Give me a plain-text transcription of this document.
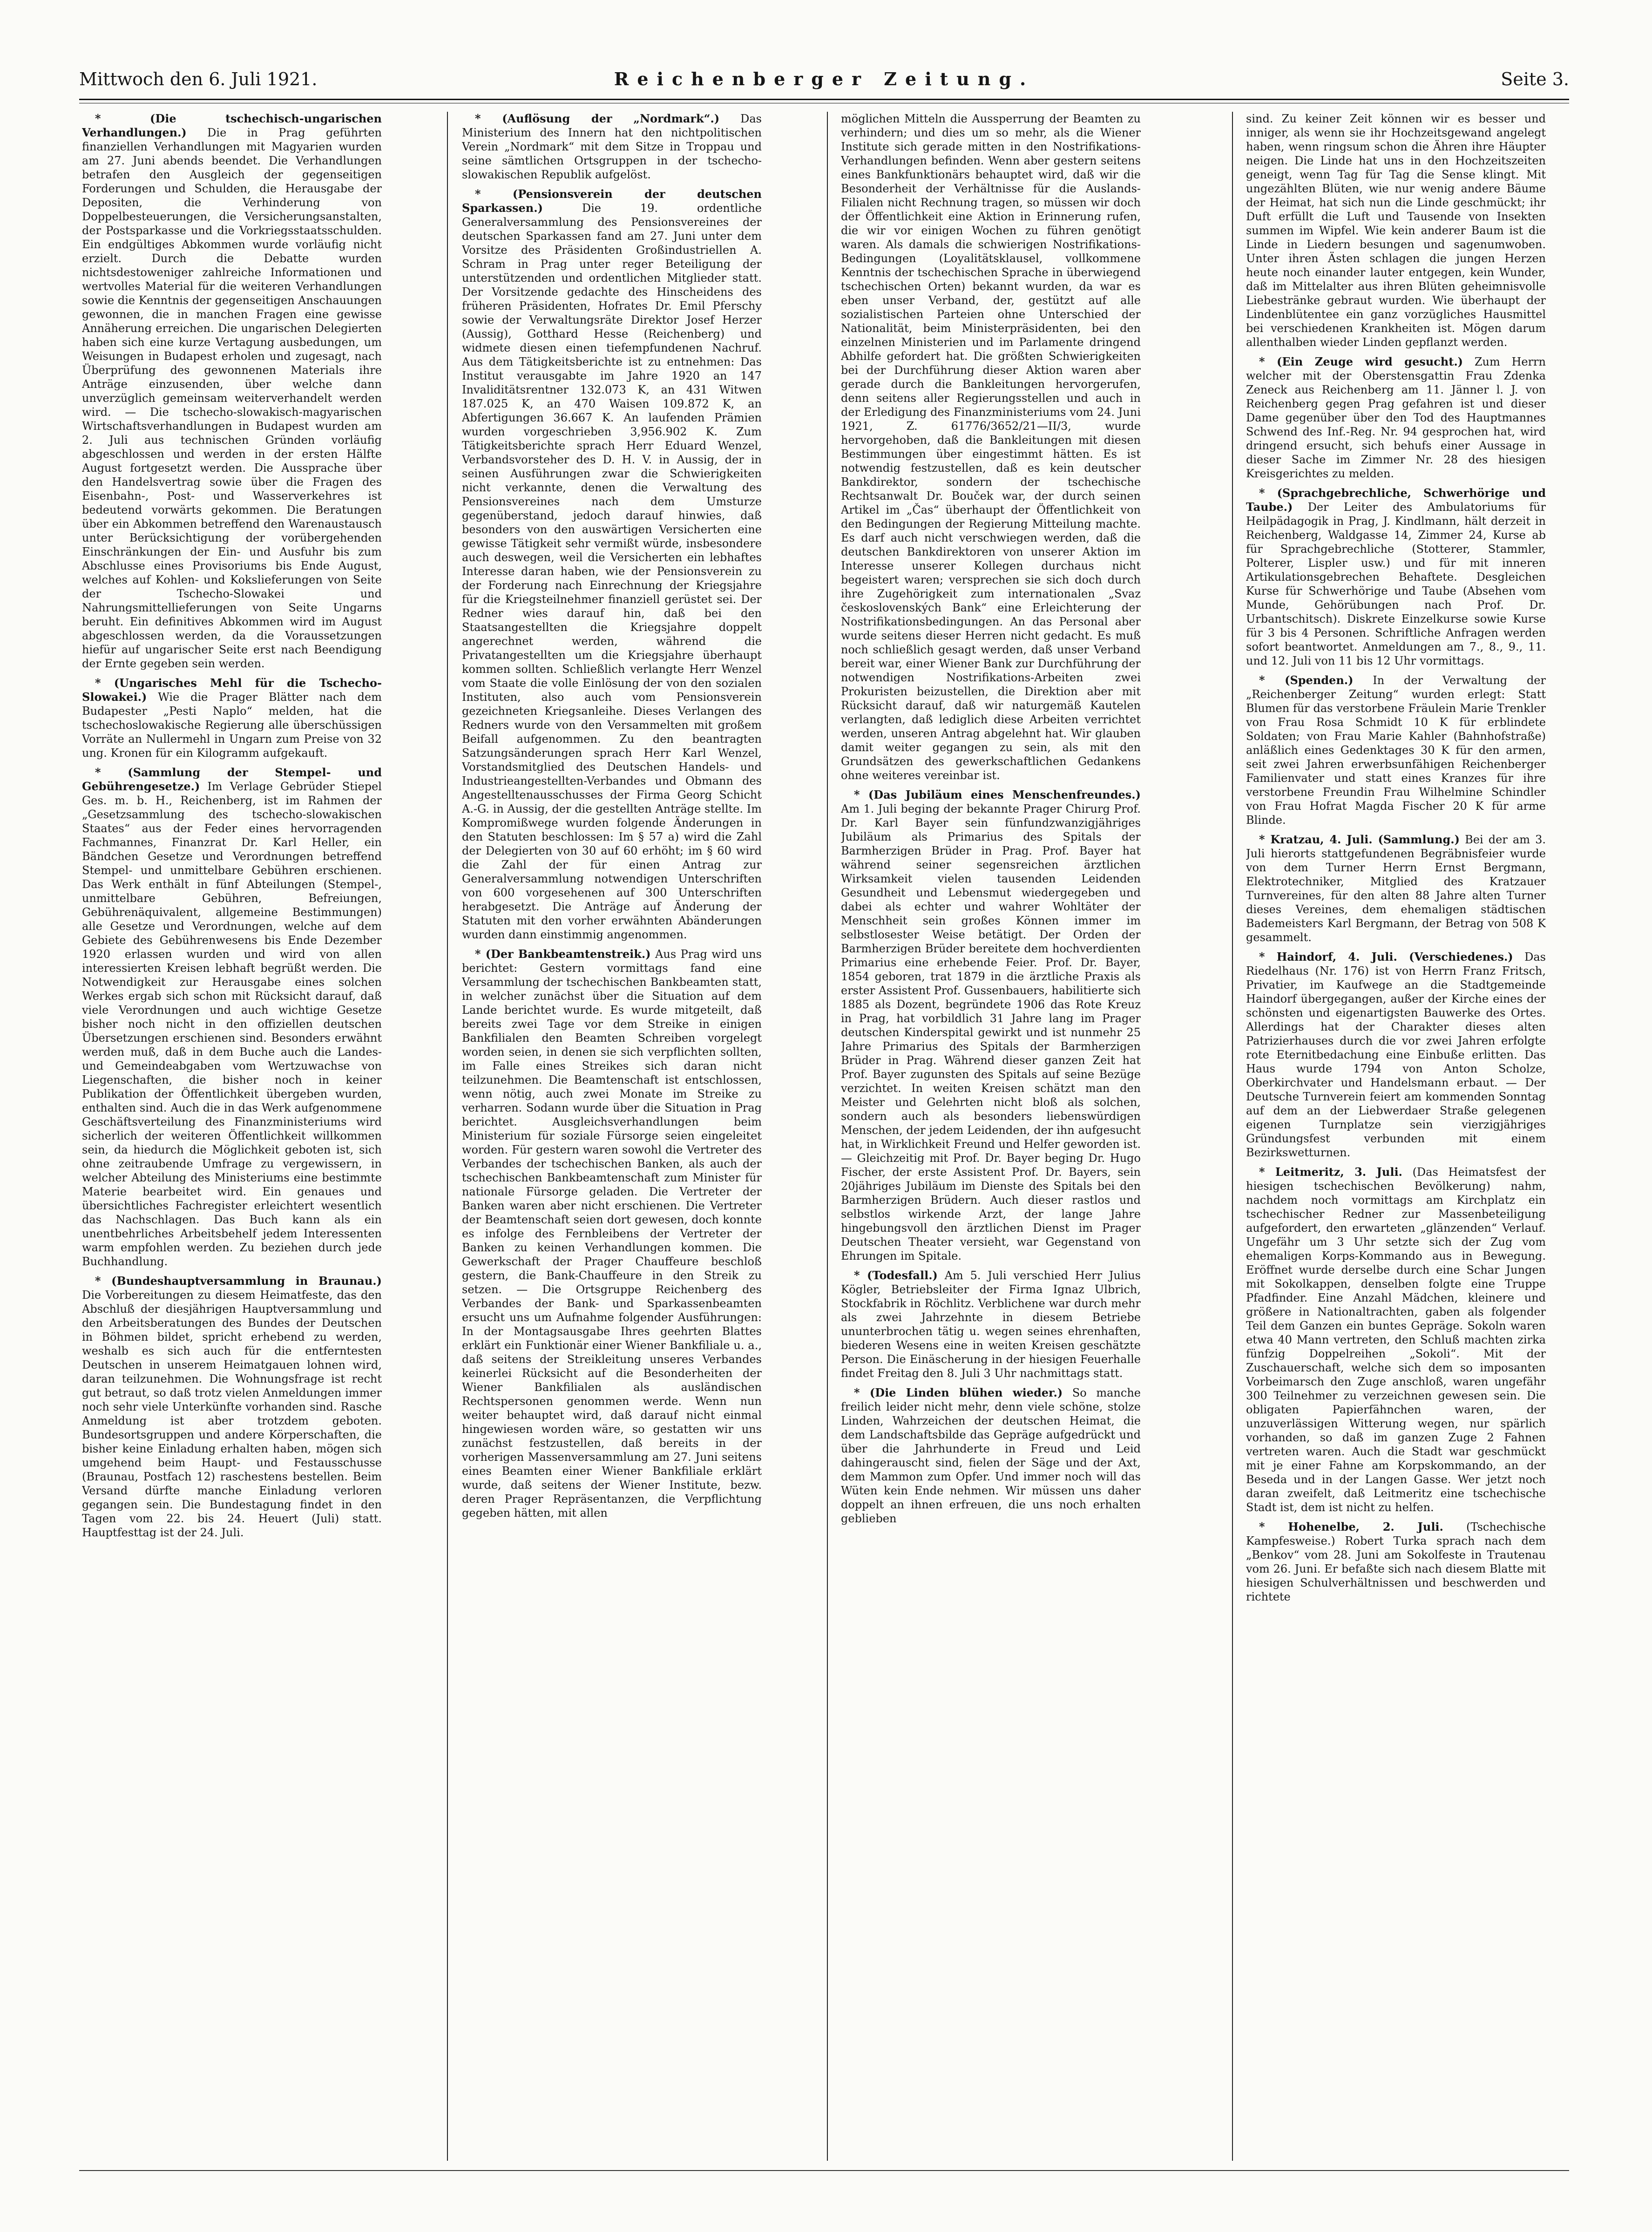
Mittwoch den 6. Juli 1921.	Reichenberger Zeitung.	Seite 3.

* (Die tschechisch-ungarischen Verhandlungen.) Die in Prag geführten finanziellen Verhandlungen mit Magyarien wurden am 27. Juni abends beendet. Die Verhandlungen betrafen den Ausgleich der gegenseitigen Forderungen und Schulden, die Herausgabe der Depositen, die Verhinderung von Doppelbesteuerungen, die Versicherungsanstalten, der Postsparkasse und die Vorkriegsstaatsschulden. Ein endgültiges Abkommen wurde vorläufig nicht erzielt. Durch die Debatte wurden nichtsdestoweniger zahlreiche Informationen und wertvolles Material für die weiteren Verhandlungen sowie die Kenntnis der gegenseitigen Anschauungen gewonnen, die in manchen Fragen eine gewisse Annäherung erreichen. Die ungarischen Delegierten haben sich eine kurze Vertagung ausbedungen, um Weisungen in Budapest erholen und zugesagt, nach Überprüfung des gewonnenen Materials ihre Anträge einzusenden, über welche dann unverzüglich gemeinsam weiterverhandelt werden wird. — Die tschecho-slowakisch-magyarischen Wirtschaftsverhandlungen in Budapest wurden am 2. Juli aus technischen Gründen vorläufig abgeschlossen und werden in der ersten Hälfte August fortgesetzt werden. Die Aussprache über den Handelsvertrag sowie über die Fragen des Eisenbahn-, Post- und Wasserverkehres ist bedeutend vorwärts gekommen. Die Beratungen über ein Abkommen betreffend den Warenaustausch unter Berücksichtigung der vorübergehenden Einschränkungen der Ein- und Ausfuhr bis zum Abschlusse eines Provisoriums bis Ende August, welches auf Kohlen- und Kokslieferungen von Seite der Tschecho-Slowakei und Nahrungsmittellieferungen von Seite Ungarns beruht. Ein definitives Abkommen wird im August abgeschlossen werden, da die Voraussetzungen hiefür auf ungarischer Seite erst nach Beendigung der Ernte gegeben sein werden.

* (Ungarisches Mehl für die Tschecho-Slowakei.) Wie die Prager Blätter nach dem Budapester „Pesti Naplo“ melden, hat die tschechoslowakische Regierung alle überschüssigen Vorräte an Nullermehl in Ungarn zum Preise von 32 ung. Kronen für ein Kilogramm aufgekauft.

* (Sammlung der Stempel- und Gebührengesetze.) Im Verlage Gebrüder Stiepel Ges. m. b. H., Reichenberg, ist im Rahmen der „Gesetzsammlung des tschecho-slowakischen Staates“ aus der Feder eines hervorragenden Fachmannes, Finanzrat Dr. Karl Heller, ein Bändchen Gesetze und Verordnungen betreffend Stempel- und unmittelbare Gebühren erschienen. Das Werk enthält in fünf Abteilungen (Stempel-, unmittelbare Gebühren, Befreiungen, Gebührenäquivalent, allgemeine Bestimmungen) alle Gesetze und Verordnungen, welche auf dem Gebiete des Gebührenwesens bis Ende Dezember 1920 erlassen wurden und wird von allen interessierten Kreisen lebhaft begrüßt werden. Die Notwendigkeit zur Herausgabe eines solchen Werkes ergab sich schon mit Rücksicht darauf, daß viele Verordnungen und auch wichtige Gesetze bisher noch nicht in den offiziellen deutschen Übersetzungen erschienen sind. Besonders erwähnt werden muß, daß in dem Buche auch die Landes- und Gemeindeabgaben vom Wertzuwachse von Liegenschaften, die bisher noch in keiner Publikation der Öffentlichkeit übergeben wurden, enthalten sind. Auch die in das Werk aufgenommene Geschäftsverteilung des Finanzministeriums wird sicherlich der weiteren Öffentlichkeit willkommen sein, da hiedurch die Möglichkeit geboten ist, sich ohne zeitraubende Umfrage zu vergewissern, in welcher Abteilung des Ministeriums eine bestimmte Materie bearbeitet wird. Ein genaues und übersichtliches Fachregister erleichtert wesentlich das Nachschlagen. Das Buch kann als ein unentbehrliches Arbeitsbehelf jedem Interessenten warm empfohlen werden. Zu beziehen durch jede Buchhandlung.

* (Bundeshauptversammlung in Braunau.) Die Vorbereitungen zu diesem Heimatfeste, das den Abschluß der diesjährigen Hauptversammlung und den Arbeitsberatungen des Bundes der Deutschen in Böhmen bildet, spricht erhebend zu werden, weshalb es sich auch für die entferntesten Deutschen in unserem Heimatgauen lohnen wird, daran teilzunehmen. Die Wohnungsfrage ist recht gut betraut, so daß trotz vielen Anmeldungen immer noch sehr viele Unterkünfte vorhanden sind. Rasche Anmeldung ist aber trotzdem geboten. Bundesortsgruppen und andere Körperschaften, die bisher keine Einladung erhalten haben, mögen sich umgehend beim Haupt- und Festausschusse (Braunau, Postfach 12) raschestens bestellen. Beim Versand dürfte manche Einladung verloren gegangen sein. Die Bundestagung findet in den Tagen vom 22. bis 24. Heuert (Juli) statt. Hauptfesttag ist der 24. Juli.

* (Auflösung der „Nordmark“.) Das Ministerium des Innern hat den nichtpolitischen Verein „Nordmark“ mit dem Sitze in Troppau und seine sämtlichen Ortsgruppen in der tschecho-slowakischen Republik aufgelöst.

* (Pensionsverein der deutschen Sparkassen.)	Die 19. ordentliche Generalversammlung des Pensionsvereines der deutschen Sparkassen fand am 27. Juni unter dem Vorsitze des Präsidenten Großindustriellen A. Schram in Prag unter reger Beteiligung der unterstützenden und ordentlichen Mitglieder statt. Der Vorsitzende gedachte des Hinscheidens des früheren Präsidenten, Hofrates Dr. Emil Pferschy sowie der Verwaltungsräte Direktor Josef Herzer (Aussig), Gotthard Hesse (Reichenberg) und widmete diesen einen tiefempfundenen Nachruf. Aus dem Tätigkeitsberichte ist zu entnehmen: Das Institut verausgabte im Jahre 1920 an 147 Invaliditätsrentner 132.073 K, an 431 Witwen 187.025 K, an 470 Waisen 109.872 K, an Abfertigungen 36.667 K. An laufenden Prämien wurden vorgeschrieben 3,956.902 K. Zum Tätigkeitsberichte sprach Herr Eduard Wenzel, Verbandsvorsteher des D. H. V. in Aussig, der in seinen Ausführungen zwar die Schwierigkeiten nicht verkannte, denen die Verwaltung des Pensionsvereines nach dem Umsturze gegenüberstand, jedoch darauf hinwies, daß besonders von den auswärtigen Versicherten eine gewisse Tätigkeit sehr vermißt würde, insbesondere auch deswegen, weil die Versicherten ein lebhaftes Interesse daran haben, wie der Pensionsverein zu der Forderung nach Einrechnung der Kriegsjahre für die Kriegsteilnehmer finanziell gerüstet sei. Der Redner wies darauf hin, daß bei den Staatsangestellten die Kriegsjahre doppelt angerechnet werden, während die Privatangestellten um die Kriegsjahre überhaupt kommen sollten. Schließlich verlangte Herr Wenzel vom Staate die volle Einlösung der von den sozialen Instituten, also auch vom Pensionsverein gezeichneten Kriegsanleihe. Dieses Verlangen des Redners wurde von den Versammelten mit großem Beifall aufgenommen. Zu den beantragten Satzungsänderungen sprach Herr Karl Wenzel, Vorstandsmitglied des Deutschen Handels- und Industrieangestellten-Verbandes und Obmann des Angestelltenausschusses der Firma Georg Schicht A.-G. in Aussig, der die gestellten Anträge stellte. Im Kompromißwege wurden folgende Änderungen in den Statuten beschlossen: Im § 57 a) wird die Zahl der Delegierten von 30 auf 60 erhöht; im § 60 wird die Zahl der für einen Antrag zur Generalversammlung notwendigen Unterschriften von 600 vorgesehenen auf 300 Unterschriften herabgesetzt. Die Anträge auf Änderung der Statuten mit den vorher erwähnten Abänderungen wurden dann einstimmig angenommen.

* (Der Bankbeamtenstreik.) Aus Prag wird uns berichtet: Gestern vormittags fand eine Versammlung der tschechischen Bankbeamten statt, in welcher zunächst über die Situation auf dem Lande berichtet wurde. Es wurde mitgeteilt, daß bereits zwei Tage vor dem Streike in einigen Bankfilialen den Beamten Schreiben vorgelegt worden seien, in denen sie sich verpflichten sollten, im Falle eines Streikes sich daran nicht teilzunehmen. Die Beamtenschaft ist entschlossen, wenn nötig, auch zwei Monate im Streike zu verharren. Sodann wurde über die Situation in Prag berichtet. Ausgleichsverhandlungen beim Ministerium für soziale Fürsorge seien eingeleitet worden. Für gestern waren sowohl die Vertreter des Verbandes der tschechischen Banken, als auch der tschechischen Bankbeamtenschaft zum Minister für nationale Fürsorge geladen. Die Vertreter der Banken waren aber nicht erschienen. Die Vertreter der Beamtenschaft seien dort gewesen, doch konnte es infolge des Fernbleibens der Vertreter der Banken zu keinen Verhandlungen kommen. Die Gewerkschaft der Prager Chauffeure beschloß gestern, die Bank-Chauffeure in den Streik zu setzen. — Die Ortsgruppe Reichenberg des Verbandes der Bank- und Sparkassenbeamten ersucht uns um Aufnahme folgender Ausführungen: In der Montagsausgabe Ihres geehrten Blattes erklärt ein Funktionär einer Wiener Bankfiliale u. a., daß seitens der Streikleitung unseres Verbandes keinerlei Rücksicht auf die Besonderheiten der Wiener Bankfilialen als ausländischen Rechtspersonen genommen werde. Wenn nun weiter behauptet wird, daß darauf nicht einmal hingewiesen worden wäre, so gestatten wir uns zunächst festzustellen, daß bereits in der vorherigen Massenversammlung am 27. Juni seitens eines Beamten einer Wiener Bankfiliale erklärt wurde, daß seitens der Wiener Institute, bezw. deren Prager Repräsentanzen, die Verpflichtung gegeben hätten, mit allen

möglichen Mitteln die Aussperrung der Beamten zu verhindern; und dies um so mehr, als die Wiener Institute sich gerade mitten in den Nostrifikations-Verhandlungen befinden. Wenn aber gestern seitens eines Bankfunktionärs behauptet wird, daß wir die Besonderheit der Verhältnisse für die Auslands-Filialen nicht Rechnung tragen, so müssen wir doch der Öffentlichkeit eine Aktion in Erinnerung rufen, die wir vor einigen Wochen zu führen genötigt waren. Als damals die schwierigen Nostrifikations-Bedingungen (Loyalitätsklausel, vollkommene Kenntnis der tschechischen Sprache in überwiegend tschechischen Orten) bekannt wurden, da war es eben unser Verband, der, gestützt auf alle sozialistischen Parteien ohne Unterschied der Nationalität, beim Ministerpräsidenten, bei den einzelnen Ministerien und im Parlamente dringend Abhilfe gefordert hat. Die größten Schwierigkeiten bei der Durchführung dieser Aktion waren aber gerade durch die Bankleitungen hervorgerufen, denn seitens aller Regierungsstellen und auch in der Erledigung des Finanzministeriums vom 24. Juni 1921, Z. 61776/3652/21—II/3, wurde hervorgehoben, daß die Bankleitungen mit diesen Bestimmungen über eingestimmt hätten. Es ist notwendig festzustellen, daß es kein deutscher Bankdirektor, sondern der tschechische Rechtsanwalt Dr. Bouček war, der durch seinen Artikel im „Čas“ überhaupt der Öffentlichkeit von den Bedingungen der Regierung Mitteilung machte. Es darf auch nicht verschwiegen werden, daß die deutschen Bankdirektoren von unserer Aktion im Interesse unserer Kollegen durchaus nicht begeistert waren; versprechen sie sich doch durch ihre Zugehörigkeit zum internationalen „Svaz československých Bank“ eine Erleichterung der Nostrifikationsbedingungen. An das Personal aber wurde seitens dieser Herren nicht gedacht. Es muß noch schließlich gesagt werden, daß unser Verband bereit war, einer Wiener Bank zur Durchführung der notwendigen Nostrifikations-Arbeiten zwei Prokuristen beizustellen, die Direktion aber mit Rücksicht darauf, daß wir naturgemäß Kautelen verlangten, daß lediglich diese Arbeiten verrichtet werden, unseren Antrag abgelehnt hat. Wir glauben damit weiter gegangen zu sein, als mit den Grundsätzen des gewerkschaftlichen Gedankens ohne weiteres vereinbar ist.

* (Das Jubiläum eines Menschenfreundes.) Am 1. Juli beging der bekannte Prager Chirurg Prof. Dr. Karl Bayer sein fünfundzwanzigjähriges Jubiläum als Primarius des Spitals der Barmherzigen Brüder in Prag. Prof. Bayer hat während seiner segensreichen ärztlichen Wirksamkeit vielen tausenden Leidenden Gesundheit und Lebensmut wiedergegeben und dabei als echter und wahrer Wohltäter der Menschheit sein großes Können immer im selbstlosester Weise betätigt. Der Orden der Barmherzigen Brüder bereitete dem hochverdienten Primarius eine erhebende Feier. Prof. Dr. Bayer, 1854 geboren, trat 1879 in die ärztliche Praxis als erster Assistent Prof. Gussenbauers, habilitierte sich 1885 als Dozent, begründete 1906 das Rote Kreuz in Prag, hat vorbildlich 31 Jahre lang im Prager deutschen Kinderspital gewirkt und ist nunmehr 25 Jahre Primarius des Spitals der Barmherzigen Brüder in Prag. Während dieser ganzen Zeit hat Prof. Bayer zugunsten des Spitals auf seine Bezüge verzichtet. In weiten Kreisen schätzt man den Meister und Gelehrten nicht bloß als solchen, sondern auch als besonders liebenswürdigen Menschen, der jedem Leidenden, der ihn aufgesucht hat, in Wirklichkeit Freund und Helfer geworden ist. — Gleichzeitig mit Prof. Dr. Bayer beging Dr. Hugo Fischer, der erste Assistent Prof. Dr. Bayers, sein 20jähriges Jubiläum im Dienste des Spitals bei den Barmherzigen Brüdern. Auch dieser rastlos und selbstlos wirkende Arzt, der lange Jahre hingebungsvoll den ärztlichen Dienst im Prager Deutschen Theater versieht, war Gegenstand von Ehrungen im Spitale.

* (Todesfall.) Am 5. Juli verschied Herr Julius Kögler, Betriebsleiter der Firma Ignaz Ulbrich, Stockfabrik in Röchlitz. Verblichene war durch mehr als zwei Jahrzehnte in diesem Betriebe ununterbrochen tätig u. wegen seines ehrenhaften, biederen Wesens eine in weiten Kreisen geschätzte Person. Die Einäscherung in der hiesigen Feuerhalle findet Freitag den 8. Juli 3 Uhr nachmittags statt.

* (Die Linden blühen wieder.) So manche freilich leider nicht mehr, denn viele schöne, stolze Linden, Wahrzeichen der deutschen Heimat, die dem Landschaftsbilde das Gepräge aufgedrückt und über die Jahrhunderte in Freud und Leid dahingerauscht sind, fielen der Säge und der Axt, dem Mammon zum Opfer. Und immer noch will das Wüten kein Ende nehmen. Wir müssen uns daher doppelt an ihnen erfreuen, die uns noch erhalten geblieben

sind. Zu keiner Zeit können wir es besser und inniger, als wenn sie ihr Hochzeitsgewand angelegt haben, wenn ringsum schon die Ähren ihre Häupter neigen. Die Linde hat uns in den Hochzeitszeiten geneigt, wenn Tag für Tag die Sense klingt. Mit ungezählten Blüten, wie nur wenig andere Bäume der Heimat, hat sich nun die Linde geschmückt; ihr Duft erfüllt die Luft und Tausende von Insekten summen im Wipfel. Wie kein anderer Baum ist die Linde in Liedern besungen und sagenumwoben. Unter ihren Ästen schlagen die jungen Herzen heute noch einander lauter entgegen, kein Wunder, daß im Mittelalter aus ihren Blüten geheimnisvolle Liebestränke gebraut wurden. Wie überhaupt der Lindenblütentee ein ganz vorzügliches Hausmittel bei verschiedenen Krankheiten ist. Mögen darum allenthalben wieder Linden gepflanzt werden.

* (Ein Zeuge wird gesucht.) Zum Herrn welcher mit der Oberstensgattin Frau Zdenka Zeneck aus Reichenberg am 11. Jänner l. J. von Reichenberg gegen Prag gefahren ist und dieser Dame gegenüber über den Tod des Hauptmannes Schwend des Inf.-Reg. Nr. 94 gesprochen hat, wird dringend ersucht, sich behufs einer Aussage in dieser Sache im Zimmer Nr. 28 des hiesigen Kreisgerichtes zu melden.

* (Sprachgebrechliche, Schwerhörige und Taube.) Der Leiter des Ambulatoriums für Heilpädagogik in Prag, J. Kindlmann, hält derzeit in Reichenberg, Waldgasse 14, Zimmer 24, Kurse ab für Sprachgebrechliche (Stotterer, Stammler, Polterer, Lispler usw.) und für mit inneren Artikulationsgebrechen Behaftete. Desgleichen Kurse für Schwerhörige und Taube (Absehen vom Munde, Gehörübungen nach Prof. Dr. Urbantschitsch). Diskrete Einzelkurse sowie Kurse für 3 bis 4 Personen. Schriftliche Anfragen werden sofort beantwortet. Anmeldungen am 7., 8., 9., 11. und 12. Juli von 11 bis 12 Uhr vormittags.

* (Spenden.) In der Verwaltung der „Reichenberger Zeitung“ wurden erlegt: Statt Blumen für das verstorbene Fräulein Marie Trenkler von Frau Rosa Schmidt 10 K für erblindete Soldaten; von Frau Marie Kahler (Bahnhofstraße) anläßlich eines Gedenktages 30 K für den armen, seit zwei Jahren erwerbsunfähigen Reichenberger Familienvater und statt eines Kranzes für ihre verstorbene Freundin Frau Wilhelmine Schindler von Frau Hofrat Magda Fischer 20 K für arme Blinde.

* Kratzau, 4. Juli. (Sammlung.) Bei der am 3. Juli hierorts stattgefundenen Begräbnisfeier wurde von dem Turner Herrn Ernst Bergmann, Elektrotechniker, Mitglied des Kratzauer Turnvereines, für den alten 88 Jahre alten Turner dieses Vereines, dem ehemaligen städtischen Bademeisters Karl Bergmann, der Betrag von 508 K gesammelt.

* Haindorf, 4. Juli. (Verschiedenes.) Das Riedelhaus (Nr. 176) ist von Herrn Franz Fritsch, Privatier, im Kaufwege an die Stadtgemeinde Haindorf übergegangen, außer der Kirche eines der schönsten und eigenartigsten Bauwerke des Ortes. Allerdings hat der Charakter dieses alten Patrizierhauses durch die vor zwei Jahren erfolgte rote Eternitbedachung eine Einbuße erlitten. Das Haus wurde 1794 von Anton Scholze, Oberkirchvater und Handelsmann erbaut. — Der Deutsche Turnverein feiert am kommenden Sonntag auf dem an der Liebwerdaer Straße gelegenen eigenen Turnplatze sein vierzigjähriges Gründungsfest verbunden mit einem Bezirkswetturnen.

* Leitmeritz, 3. Juli. (Das Heimatsfest der hiesigen tschechischen Bevölkerung) nahm, nachdem noch vormittags am Kirchplatz ein tschechischer Redner zur Massenbeteiligung aufgefordert, den erwarteten „glänzenden“ Verlauf. Ungefähr um 3 Uhr setzte sich der Zug vom ehemaligen Korps-Kommando aus in Bewegung. Eröffnet wurde derselbe durch eine Schar Jungen mit Sokolkappen, denselben folgte eine Truppe Pfadfinder. Eine Anzahl Mädchen, kleinere und größere in Nationaltrachten, gaben als folgender Teil dem Ganzen ein buntes Gepräge. Sokoln waren etwa 40 Mann vertreten, den Schluß machten zirka fünfzig Doppelreihen „Sokoli“. Mit der Zuschauerschaft, welche sich dem so imposanten Vorbeimarsch den Zuge anschloß, waren ungefähr 300 Teilnehmer zu verzeichnen gewesen sein. Die obligaten Papierfähnchen waren, der unzuverlässigen Witterung wegen, nur spärlich vorhanden, so daß im ganzen Zuge 2 Fahnen vertreten waren. Auch die Stadt war geschmückt mit je einer Fahne am Korpskommando, an der Beseda und in der Langen Gasse. Wer jetzt noch daran zweifelt, daß Leitmeritz eine tschechische Stadt ist, dem ist nicht zu helfen.

* Hohenelbe, 2. Juli. (Tschechische Kampfesweise.) Robert Turka sprach nach dem „Benkov“ vom 28. Juni am Sokolfeste in Trautenau vom 26. Juni. Er befaßte sich nach diesem Blatte mit hiesigen Schulverhältnissen und beschwerden und richtete
